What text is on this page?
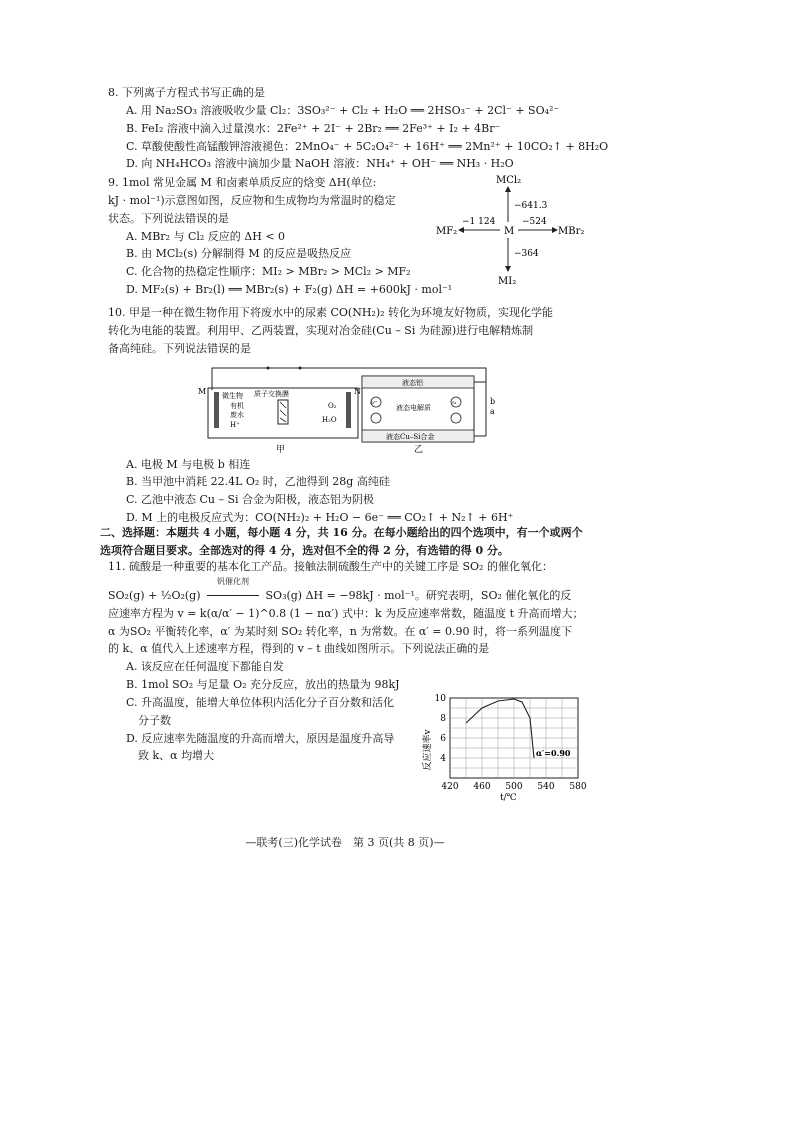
8. 下列离子方程式书写正确的是
A. 用 Na₂SO₃ 溶液吸收少量 Cl₂：3SO₃²⁻ + Cl₂ + H₂O ══ 2HSO₃⁻ + 2Cl⁻ + SO₄²⁻
B. FeI₂ 溶液中滴入过量溴水：2Fe²⁺ + 2I⁻ + 2Br₂ ══ 2Fe³⁺ + I₂ + 4Br⁻
C. 草酸使酸性高锰酸钾溶液褪色：2MnO₄⁻ + 5C₂O₄²⁻ + 16H⁺ ══ 2Mn²⁺ + 10CO₂↑ + 8H₂O
D. 向 NH₄HCO₃ 溶液中滴加少量 NaOH 溶液：NH₄⁺ + OH⁻ ══ NH₃ · H₂O
9. 1mol 常见金属 M 和卤素单质反应的焓变 ΔH(单位:
kJ · mol⁻¹)示意图如图，反应物和生成物均为常温时的稳定
状态。下列说法错误的是
A. MBr₂ 与 Cl₂ 反应的 ΔH < 0
B. 由 MCl₂(s) 分解制得 M 的反应是吸热反应
C. 化合物的热稳定性顺序：MI₂ > MBr₂ > MCl₂ > MF₂
D. MF₂(s) + Br₂(l) ══ MBr₂(s) + F₂(g) ΔH = +600kJ · mol⁻¹
MCl₂
−641.3
M
−1 124
MF₂
−524
MBr₂
−364
MI₂
10. 甲是一种在微生物作用下将废水中的尿素 CO(NH₂)₂ 转化为环境友好物质，实现化学能
转化为电能的装置。利用甲、乙两装置，实现对冶金硅(Cu – Si 为硅源)进行电解精炼制
备高纯硅。下列说法错误的是
A. 电极 M 与电极 b 相连
B. 当甲池中消耗 22.4L O₂ 时，乙池得到 28g 高纯硅
C. 乙池中液态 Cu – Si 合金为阳极，液态铝为阴极
D. M 上的电极反应式为：CO(NH₂)₂ + H₂O − 6e⁻ ══ CO₂↑ + N₂↑ + 6H⁺
M	N
微生物
有机
废水
H⁺
质子交换膜
O₂
H₂O
甲
液态铝
液态电解质
液态Cu–Si合金
Si⁴⁺	Si	b
a
乙
二、选择题：本题共 4 小题，每小题 4 分，共 16 分。在每小题给出的四个选项中，有一个或两个
选项符合题目要求。全部选对的得 4 分，选对但不全的得 2 分，有选错的得 0 分。
11. 硫酸是一种重要的基本化工产品。接触法制硫酸生产中的关键工序是 SO₂ 的催化氧化：
SO₂(g) + ½O₂(g)
钒催化剂
SO₃(g) ΔH = −98kJ · mol⁻¹。研究表明，SO₂ 催化氧化的反
应速率方程为 v = k(α/α′ − 1)^0.8 (1 − nα′) 式中：k 为反应速率常数，随温度 t 升高而增大；
α 为SO₂ 平衡转化率，α′ 为某时刻 SO₂ 转化率，n 为常数。在 α′ = 0.90 时，将一系列温度下
的 k、α 值代入上述速率方程，得到的 v – t 曲线如图所示。下列说法正确的是
A. 该反应在任何温度下都能自发
B. 1mol SO₂ 与足量 O₂ 充分反应，放出的热量为 98kJ
C. 升高温度，能增大单位体积内活化分子百分数和活化
分子数
D. 反应速率先随温度的升高而增大，原因是温度升高导
致 k、α 均增大	反应速率v 4
6
8
10
420 460 500 540 580
α′=0.90
t/℃
—联考(三)化学试卷　第 3 页(共 8 页)—
